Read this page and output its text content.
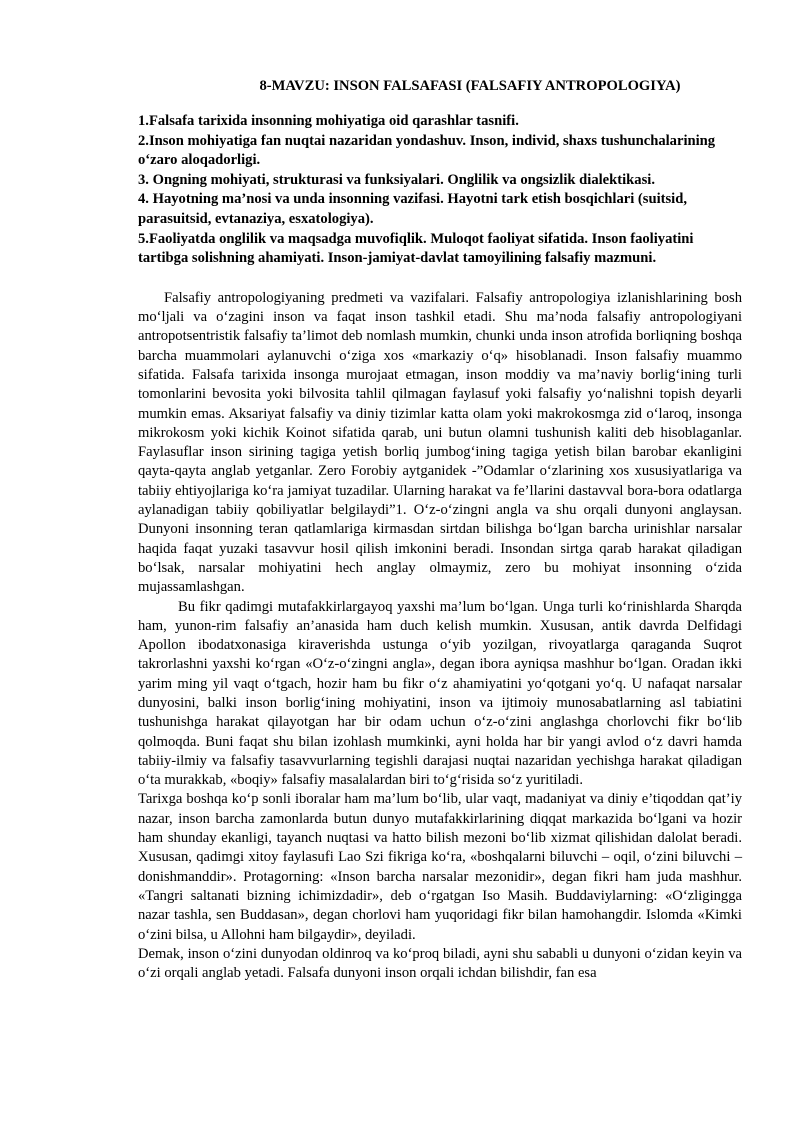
8-MAVZU: INSON FALSAFASI (FALSAFIY ANTROPOLOGIYA)
1.Falsafa tarixida insonning mohiyatiga oid qarashlar tasnifi.
2.Inson mohiyatiga fan nuqtai nazaridan yondashuv. Inson, individ, shaxs tushunchalarining o‘zaro aloqadorligi.
3. Ongning mohiyati, strukturasi va funksiyalari. Onglilik va ongsizlik dialektikasi.
4. Hayotning ma’nosi va unda insonning vazifasi. Hayotni tark etish bosqichlari (suitsid, parasuitsid, evtanaziya, esxatologiya).
5.Faoliyatda onglilik va maqsadga muvofiqlik. Muloqot faoliyat sifatida. Inson faoliyatini tartibga solishning ahamiyati. Inson-jamiyat-davlat tamoyilining falsafiy mazmuni.

Falsafiy antropologiyaning predmeti va vazifalari. Falsafiy antropologiya izlanishlarining bosh mo‘ljali va o‘zagini inson va faqat inson tashkil etadi. Shu ma’noda falsafiy antropologiyani antropotsentristik falsafiy ta’limot deb nomlash mumkin, chunki unda inson atrofida borliqning boshqa barcha muammolari aylanuvchi o‘ziga xos «markaziy o‘q» hisoblanadi. Inson falsafiy muammo sifatida. Falsafa tarixida insonga murojaat etmagan, inson moddiy va ma’naviy borlig‘ining turli tomonlarini bevosita yoki bilvosita tahlil qilmagan faylasuf yoki falsafiy yo‘nalishni topish deyarli mumkin emas. Aksariyat falsafiy va diniy tizimlar katta olam yoki makrokosmga zid o‘laroq, insonga mikrokosm yoki kichik Koinot sifatida qarab, uni butun olamni tushunish kaliti deb hisoblaganlar. Faylasuflar inson sirining tagiga yetish borliq jumbog‘ining tagiga yetish bilan barobar ekanligini qayta-qayta anglab yetganlar. Zero Forobiy aytganidek -”Odamlar o‘zlarining xos xususiyatlariga va tabiiy ehtiyojlariga ko‘ra jamiyat tuzadilar. Ularning harakat va fe’llarini dastavval bora-bora odatlarga aylanadigan tabiiy qobiliyatlar belgilaydi”1. O‘z-o‘zingni angla va shu orqali dunyoni anglaysan. Dunyoni insonning teran qatlamlariga kirmasdan sirtdan bilishga bo‘lgan barcha urinishlar narsalar haqida faqat yuzaki tasavvur hosil qilish imkonini beradi. Insondan sirtga qarab harakat qiladigan bo‘lsak, narsalar mohiyatini hech anglay olmaymiz, zero bu mohiyat insonning o‘zida mujassamlashgan.

Bu fikr qadimgi mutafakkirlargayoq yaxshi ma’lum bo‘lgan. Unga turli ko‘rinishlarda Sharqda ham, yunon-rim falsafiy an’anasida ham duch kelish mumkin. Xususan, antik davrda Delfidagi Apollon ibodatxonasiga kiraverishda ustunga o‘yib yozilgan, rivoyatlarga qaraganda Suqrot takrorlashni yaxshi ko‘rgan «O‘z-o‘zingni angla», degan ibora ayniqsa mashhur bo‘lgan. Oradan ikki yarim ming yil vaqt o‘tgach, hozir ham bu fikr o‘z ahamiyatini yo‘qotgani yo‘q. U nafaqat narsalar dunyosini, balki inson borlig‘ining mohiyatini, inson va ijtimoiy munosabatlarning asl tabiatini tushunishga harakat qilayotgan har bir odam uchun o‘z-o‘zini anglashga chorlovchi fikr bo‘lib qolmoqda. Buni faqat shu bilan izohlash mumkinki, ayni holda har bir yangi avlod o‘z davri hamda tabiiy-ilmiy va falsafiy tasavvurlarning tegishli darajasi nuqtai nazaridan yechishga harakat qiladigan o‘ta murakkab, «boqiy» falsafiy masalalardan biri to‘g‘risida so‘z yuritiladi.

Tarixga boshqa ko‘p sonli iboralar ham ma’lum bo‘lib, ular vaqt, madaniyat va diniy e’tiqoddan qat’iy nazar, inson barcha zamonlarda butun dunyo mutafakkirlarining diqqat markazida bo‘lgani va hozir ham shunday ekanligi, tayanch nuqtasi va hatto bilish mezoni bo‘lib xizmat qilishidan dalolat beradi. Xususan, qadimgi xitoy faylasufi Lao Szi fikriga ko‘ra, «boshqalarni biluvchi – oqil, o‘zini biluvchi – donishmanddir». Protagorning: «Inson barcha narsalar mezonidir», degan fikri ham juda mashhur. «Tangri saltanati bizning ichimizdadir», deb o‘rgatgan Iso Masih. Buddaviylarning: «O‘zligingga nazar tashla, sen Buddasan», degan chorlovi ham yuqoridagi fikr bilan hamohangdir. Islomda «Kimki o‘zini bilsa, u Allohni ham bilgaydir», deyiladi.

Demak, inson o‘zini dunyodan oldinroq va ko‘proq biladi, ayni shu sababli u dunyoni o‘zidan keyin va o‘zi orqali anglab yetadi. Falsafa dunyoni inson orqali ichdan bilishdir, fan esa
